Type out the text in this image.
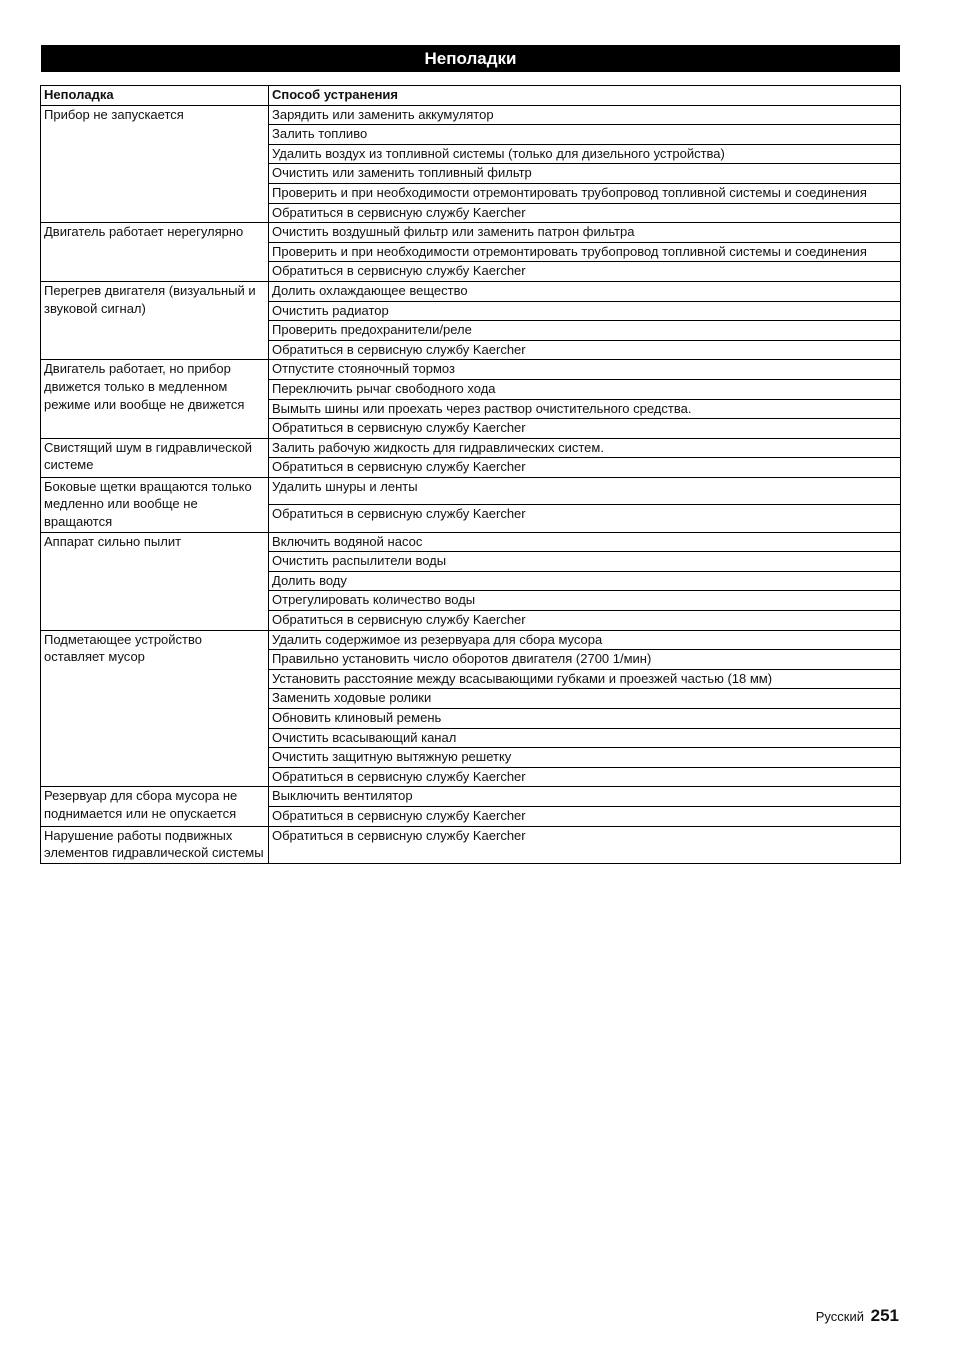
Неполадки
Неполадка	Способ устранения
Прибор не запускается	Зарядить или заменить аккумулятор
	Залить топливо
	Удалить воздух из топливной системы (только для дизельного устройства)
	Очистить или заменить топливный фильтр
	Проверить и при необходимости отремонтировать трубопровод топливной системы и соединения
	Обратиться в сервисную службу Kaercher
Двигатель работает нерегулярно	Очистить воздушный фильтр или заменить патрон фильтра
	Проверить и при необходимости отремонтировать трубопровод топливной системы и соединения
	Обратиться в сервисную службу Kaercher
Перегрев двигателя (визуальный и звуковой сигнал)	Долить охлаждающее вещество
	Очистить радиатор
	Проверить предохранители/реле
	Обратиться в сервисную службу Kaercher
Двигатель работает, но прибор движется только в медленном режиме или вообще не движется	Отпустите стояночный тормоз
	Переключить рычаг свободного хода
	Вымыть шины или проехать через раствор очистительного средства.
	Обратиться в сервисную службу Kaercher
Свистящий шум в гидравлической системе	Залить рабочую жидкость для гидравлических систем.
	Обратиться в сервисную службу Kaercher
Боковые щетки вращаются только медленно или вообще не вращаются	Удалить шнуры и ленты
	Обратиться в сервисную службу Kaercher
Аппарат сильно пылит	Включить водяной насос
	Очистить распылители воды
	Долить воду
	Отрегулировать количество воды
	Обратиться в сервисную службу Kaercher
Подметающее устройство оставляет мусор	Удалить содержимое из резервуара для сбора мусора
	Правильно установить число оборотов двигателя (2700 1/мин)
	Установить расстояние между всасывающими губками и проезжей частью (18 мм)
	Заменить ходовые ролики
	Обновить клиновый ремень
	Очистить всасывающий канал
	Очистить защитную вытяжную решетку
	Обратиться в сервисную службу Kaercher
Резервуар для сбора мусора не поднимается или не опускается	Выключить вентилятор
	Обратиться в сервисную службу Kaercher
Нарушение работы подвижных элементов гидравлической системы	Обратиться в сервисную службу Kaercher
Русский 251
